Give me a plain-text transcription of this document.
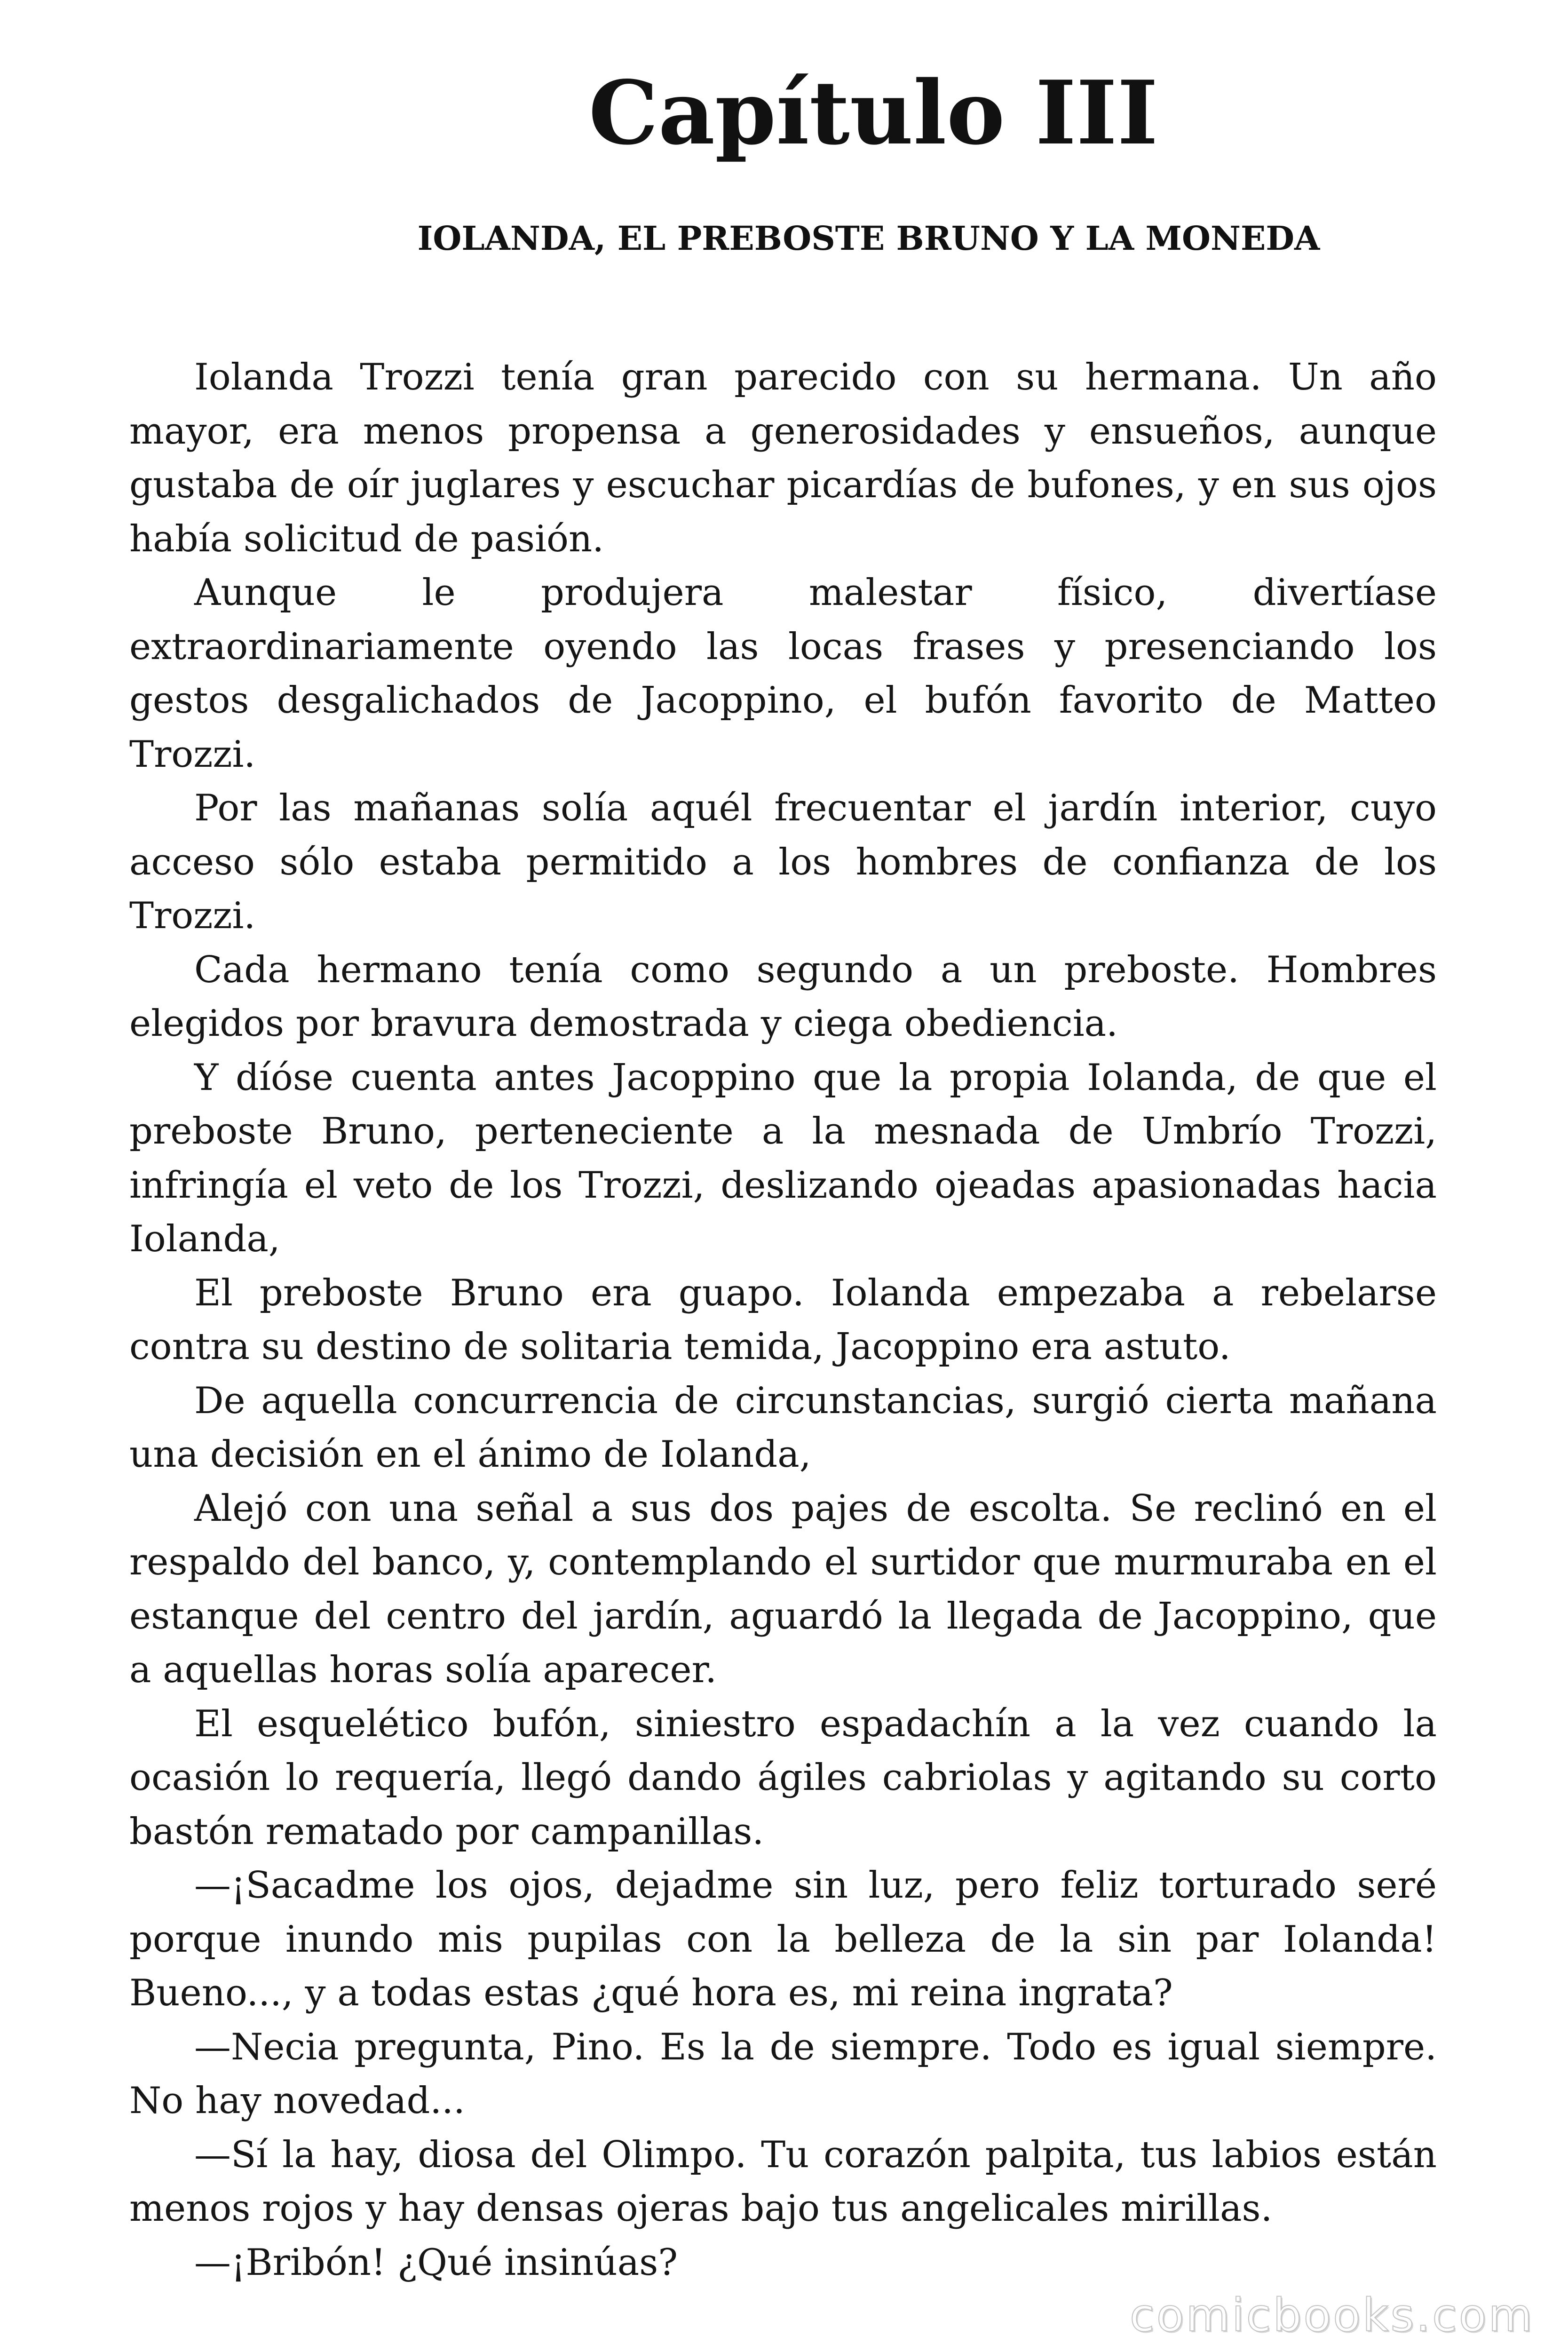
Capítulo III
IOLANDA, EL PREBOSTE BRUNO Y LA MONEDA

Iolanda Trozzi tenía gran parecido con su hermana. Un año mayor, era menos propensa a generosidades y ensueños, aunque gustaba de oír juglares y escuchar picardías de bufones, y en sus ojos había solicitud de pasión.

Aunque le produjera malestar físico, divertíase extraordinariamente oyendo las locas frases y presenciando los gestos desgalichados de Jacoppino, el bufón favorito de Matteo Trozzi.

Por las mañanas solía aquél frecuentar el jardín interior, cuyo acceso sólo estaba permitido a los hombres de confianza de los Trozzi.

Cada hermano tenía como segundo a un preboste. Hombres elegidos por bravura demostrada y ciega obediencia.

Y díóse cuenta antes Jacoppino que la propia Iolanda, de que el preboste Bruno, perteneciente a la mesnada de Umbrío Trozzi, infringía el veto de los Trozzi, deslizando ojeadas apasionadas hacia Iolanda,

El preboste Bruno era guapo. Iolanda empezaba a rebelarse contra su destino de solitaria temida, Jacoppino era astuto.

De aquella concurrencia de circunstancias, surgió cierta mañana una decisión en el ánimo de Iolanda,

Alejó con una señal a sus dos pajes de escolta. Se reclinó en el respaldo del banco, y, contemplando el surtidor que murmuraba en el estanque del centro del jardín, aguardó la llegada de Jacoppino, que a aquellas horas solía aparecer.

El esquelético bufón, siniestro espadachín a la vez cuando la ocasión lo requería, llegó dando ágiles cabriolas y agitando su corto bastón rematado por campanillas.

—¡Sacadme los ojos, dejadme sin luz, pero feliz torturado seré porque inundo mis pupilas con la belleza de la sin par Iolanda! Bueno..., y a todas estas ¿qué hora es, mi reina ingrata?

—Necia pregunta, Pino. Es la de siempre. Todo es igual siempre. No hay novedad...

—Sí la hay, diosa del Olimpo. Tu corazón palpita, tus labios están menos rojos y hay densas ojeras bajo tus angelicales mirillas.

—¡Bribón! ¿Qué insinúas?

comicbooks.com
